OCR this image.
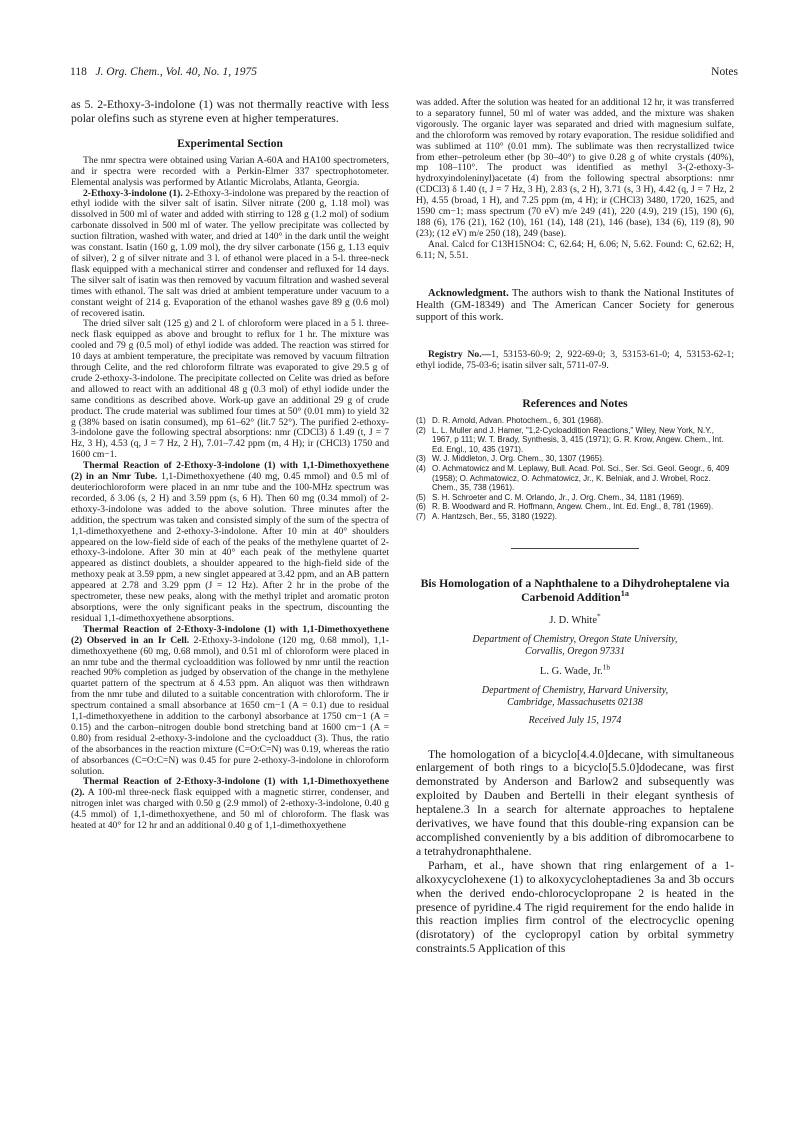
118 J. Org. Chem., Vol. 40, No. 1, 1975	Notes

as 5. 2-Ethoxy-3-indolone (1) was not thermally reactive with less polar olefins such as styrene even at higher temperatures.

Experimental Section

The nmr spectra were obtained using Varian A-60A and HA100 spectrometers, and ir spectra were recorded with a Perkin-Elmer 337 spectrophotometer. Elemental analysis was performed by Atlantic Microlabs, Atlanta, Georgia.

2-Ethoxy-3-indolone (1). 2-Ethoxy-3-indolone was prepared by the reaction of ethyl iodide with the silver salt of isatin. Silver nitrate (200 g, 1.18 mol) was dissolved in 500 ml of water and added with stirring to 128 g (1.2 mol) of sodium carbonate dissolved in 500 ml of water. The yellow precipitate was collected by suction filtration, washed with water, and dried at 140° in the dark until the weight was constant. Isatin (160 g, 1.09 mol), the dry silver carbonate (156 g, 1.13 equiv of silver), 2 g of silver nitrate and 3 l. of ethanol were placed in a 5-l. three-neck flask equipped with a mechanical stirrer and condenser and refluxed for 14 days. The silver salt of isatin was then removed by vacuum filtration and washed several times with ethanol. The salt was dried at ambient temperature under vacuum to a constant weight of 214 g. Evaporation of the ethanol washes gave 89 g (0.6 mol) of recovered isatin.

The dried silver salt (125 g) and 2 l. of chloroform were placed in a 5 l. three-neck flask equipped as above and brought to reflux for 1 hr. The mixture was cooled and 79 g (0.5 mol) of ethyl iodide was added. The reaction was stirred for 10 days at ambient temperature, the precipitate was removed by vacuum filtration through Celite, and the red chloroform filtrate was evaporated to give 29.5 g of crude 2-ethoxy-3-indolone. The precipitate collected on Celite was dried as before and allowed to react with an additional 48 g (0.3 mol) of ethyl iodide under the same conditions as described above. Work-up gave an additional 29 g of crude product. The crude material was sublimed four times at 50° (0.01 mm) to yield 32 g (38% based on isatin consumed), mp 61–62° (lit.7 52°). The purified 2-ethoxy-3-indolone gave the following spectral absorptions: nmr (CDCl3) δ 1.49 (t, J = 7 Hz, 3 H), 4.53 (q, J = 7 Hz, 2 H), 7.01–7.42 ppm (m, 4 H); ir (CHCl3) 1750 and 1600 cm−1.

Thermal Reaction of 2-Ethoxy-3-indolone (1) with 1,1-Dimethoxyethene (2) in an Nmr Tube. 1,1-Dimethoxyethene (40 mg, 0.45 mmol) and 0.5 ml of deuteriochloroform were placed in an nmr tube and the 100-MHz spectrum was recorded, δ 3.06 (s, 2 H) and 3.59 ppm (s, 6 H). Then 60 mg (0.34 mmol) of 2-ethoxy-3-indolone was added to the above solution. Three minutes after the addition, the spectrum was taken and consisted simply of the sum of the spectra of 1,1-dimethoxyethene and 2-ethoxy-3-indolone. After 10 min at 40° shoulders appeared on the low-field side of each of the peaks of the methylene quartet of 2-ethoxy-3-indolone. After 30 min at 40° each peak of the methylene quartet appeared as distinct doublets, a shoulder appeared to the high-field side of the methoxy peak at 3.59 ppm, a new singlet appeared at 3.42 ppm, and an AB pattern appeared at 2.78 and 3.29 ppm (J = 12 Hz). After 2 hr in the probe of the spectrometer, these new peaks, along with the methyl triplet and aromatic proton absorptions, were the only significant peaks in the spectrum, discounting the residual 1,1-dimethoxyethene absorptions.

Thermal Reaction of 2-Ethoxy-3-indolone (1) with 1,1-Dimethoxyethene (2) Observed in an Ir Cell. 2-Ethoxy-3-indolone (120 mg, 0.68 mmol), 1,1-dimethoxyethene (60 mg, 0.68 mmol), and 0.51 ml of chloroform were placed in an nmr tube and the thermal cycloaddition was followed by nmr until the reaction reached 90% completion as judged by observation of the change in the methylene quartet pattern of the spectrum at δ 4.53 ppm. An aliquot was then withdrawn from the nmr tube and diluted to a suitable concentration with chloroform. The ir spectrum contained a small absorbance at 1650 cm−1 (A = 0.1) due to residual 1,1-dimethoxyethene in addition to the carbonyl absorbance at 1750 cm−1 (A = 0.15) and the carbon–nitrogen double bond stretching band at 1600 cm−1 (A = 0.80) from residual 2-ethoxy-3-indolone and the cycloadduct (3). Thus, the ratio of the absorbances in the reaction mixture (C=O:C=N) was 0.19, whereas the ratio of absorbances (C=O:C=N) was 0.45 for pure 2-ethoxy-3-indolone in chloroform solution.

Thermal Reaction of 2-Ethoxy-3-indolone (1) with 1,1-Dimethoxyethene (2). A 100-ml three-neck flask equipped with a magnetic stirrer, condenser, and nitrogen inlet was charged with 0.50 g (2.9 mmol) of 2-ethoxy-3-indolone, 0.40 g (4.5 mmol) of 1,1-dimethoxyethene, and 50 ml of chloroform. The flask was heated at 40° for 12 hr and an additional 0.40 g of 1,1-dimethoxyethene

was added. After the solution was heated for an additional 12 hr, it was transferred to a separatory funnel, 50 ml of water was added, and the mixture was shaken vigorously. The organic layer was separated and dried with magnesium sulfate, and the chloroform was removed by rotary evaporation. The residue solidified and was sublimed at 110° (0.01 mm). The sublimate was then recrystallized twice from ether–petroleum ether (bp 30–40°) to give 0.28 g of white crystals (40%), mp 108–110°. The product was identified as methyl 3-(2-ethoxy-3-hydroxyindoleninyl)acetate (4) from the following spectral absorptions: nmr (CDCl3) δ 1.40 (t, J = 7 Hz, 3 H), 2.83 (s, 2 H), 3.71 (s, 3 H), 4.42 (q, J = 7 Hz, 2 H), 4.55 (broad, 1 H), and 7.25 ppm (m, 4 H); ir (CHCl3) 3480, 1720, 1625, and 1590 cm−1; mass spectrum (70 eV) m/e 249 (41), 220 (4.9), 219 (15), 190 (6), 188 (6), 176 (21), 162 (10), 161 (14), 148 (21), 146 (base), 134 (6), 119 (8), 90 (23); (12 eV) m/e 250 (18), 249 (base).

Anal. Calcd for C13H15NO4: C, 62.64; H, 6.06; N, 5.62. Found: C, 62.62; H, 6.11; N, 5.51.

Acknowledgment. The authors wish to thank the National Institutes of Health (GM-18349) and The American Cancer Society for generous support of this work.

Registry No.—1, 53153-60-9; 2, 922-69-0; 3, 53153-61-0; 4, 53153-62-1; ethyl iodide, 75-03-6; isatin silver salt, 5711-07-9.

References and Notes

(1) D. R. Arnold, Advan. Photochem., 6, 301 (1968).
(2) L. L. Muller and J. Hamer, "1,2-Cycloaddition Reactions," Wiley, New York, N.Y., 1967, p 111; W. T. Brady, Synthesis, 3, 415 (1971); G. R. Krow, Angew. Chem., Int. Ed. Engl., 10, 435 (1971).
(3) W. J. Middleton, J. Org. Chem., 30, 1307 (1965).
(4) O. Achmatowicz and M. Leplawy, Bull. Acad. Pol. Sci., Ser. Sci. Geol. Geogr., 6, 409 (1958); O. Achmatowicz, O. Achmatowicz, Jr., K. Belniak, and J. Wrobel, Rocz. Chem., 35, 738 (1961).
(5) S. H. Schroeter and C. M. Orlando, Jr., J. Org. Chem., 34, 1181 (1969).
(6) R. B. Woodward and R. Hoffmann, Angew. Chem., Int. Ed. Engl., 8, 781 (1969).
(7) A. Hantzsch, Ber., 55, 3180 (1922).

Bis Homologation of a Naphthalene to a Dihydroheptalene via Carbenoid Addition$^{1a}$

J. D. White*

Department of Chemistry, Oregon State University,
Corvallis, Oregon 97331

L. G. Wade, Jr.$^{1b}$

Department of Chemistry, Harvard University,
Cambridge, Massachusetts 02138

Received July 15, 1974

The homologation of a bicyclo[4.4.0]decane, with simultaneous enlargement of both rings to a bicyclo[5.5.0]dodecane, was first demonstrated by Anderson and Barlow2 and subsequently was exploited by Dauben and Bertelli in their elegant synthesis of heptalene.3 In a search for alternate approaches to heptalene derivatives, we have found that this double-ring expansion can be accomplished conveniently by a bis addition of dibromocarbene to a tetrahydronaphthalene.

Parham, et al., have shown that ring enlargement of a 1-alkoxycyclohexene (1) to alkoxycycloheptadienes 3a and 3b occurs when the derived endo-chlorocyclopropane 2 is heated in the presence of pyridine.4 The rigid requirement for the endo halide in this reaction implies firm control of the electrocyclic opening (disrotatory) of the cyclopropyl cation by orbital symmetry constraints.5 Application of this
